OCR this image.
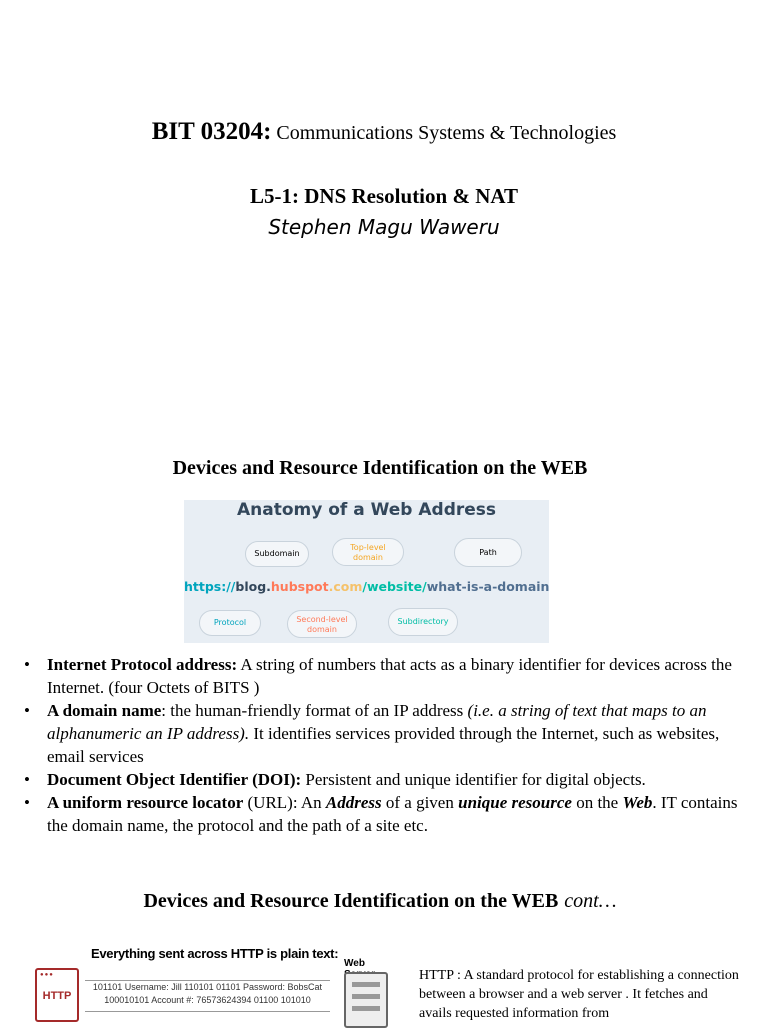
BIT 03204: Communications Systems & Technologies
L5-1: DNS Resolution & NAT
Stephen Magu Waweru
Devices and Resource Identification on the WEB
Anatomy of a Web Address
Subdomain
Top-level
domain
Path
https://blog.hubspot.com/website/what-is-a-domain
Protocol	Second-level
domain
Subdirectory
• Internet Protocol address: A string of numbers that acts as a binary identifier for devices across the Internet. (four Octets of BITS )
• A domain name: the human-friendly format of an IP address (i.e. a string of text that maps to an alphanumeric an IP address). It identifies services provided through the Internet, such as websites, email services
• Document Object Identifier (DOI): Persistent and unique identifier for digital objects.
• A uniform resource locator (URL): An Address of a given unique resource on the Web. IT contains the domain name, the protocol and the path of a site etc.
Devices and Resource Identification on the WEB cont…
Everything sent across HTTP is plain text:
Web
●●●
HTTP
101101 Username: Jill 110101 01101 Password: BobsCat
100010101 Account #: 76573624394 01100 101010
HTTP : A standard protocol for establishing a connection between a browser and a web server . It fetches and avails requested information from
